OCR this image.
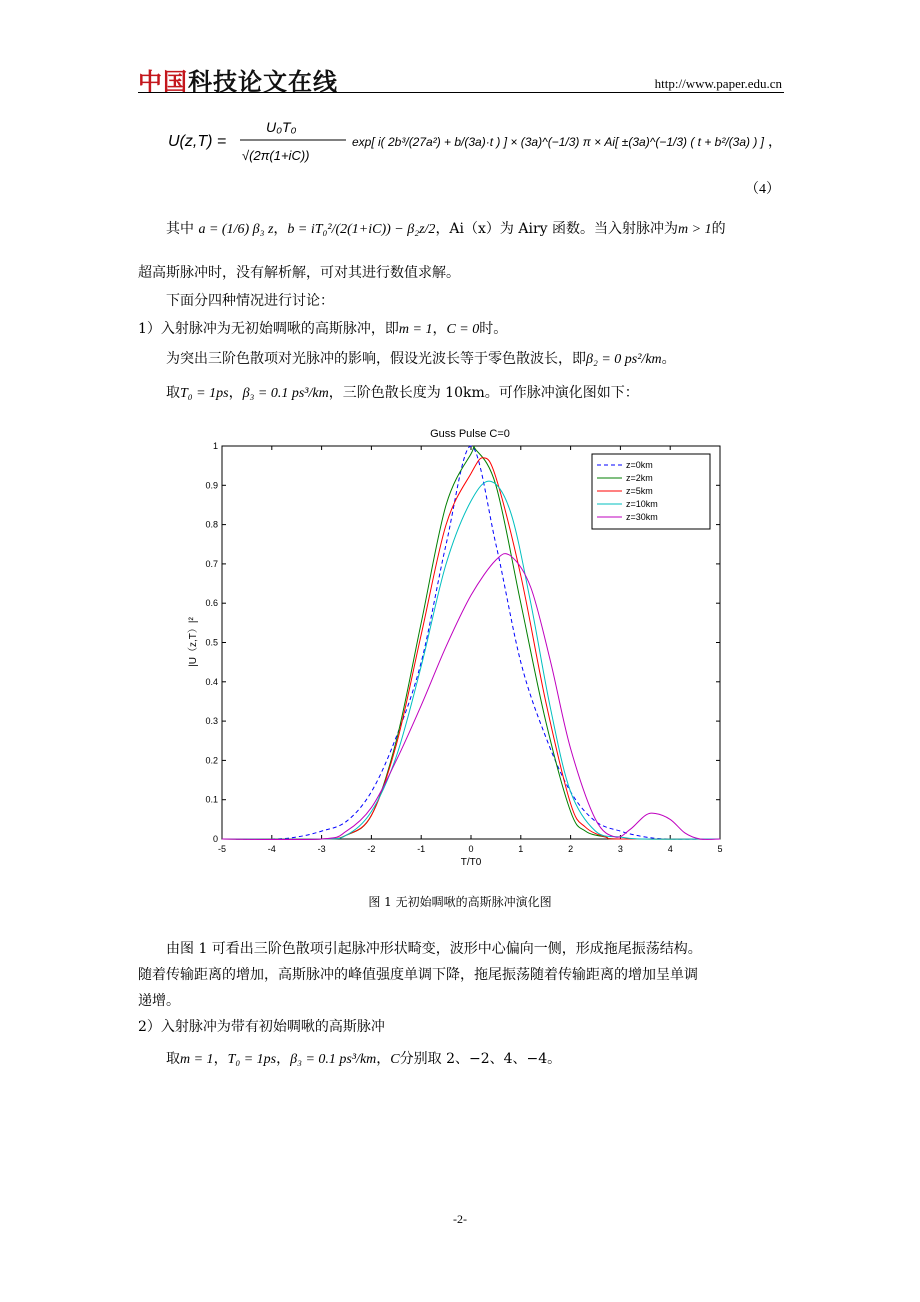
中国科技论文在线	http://www.paper.edu.cn
U(z,T) =
U₀T₀
√(2π(1+iC))
exp[ i( 2b³/(27a²) + b/(3a)·t ) ] × (3a)^(−1/3) π × Ai[ ±(3a)^(−1/3) ( t + b²/(3a) ) ] ，
（4）
其中 a = (1/6) β₃ z，b = iT₀²/(2(1+iC)) − β₂z/2，Ai（x）为 Airy 函数。当入射脉冲为m > 1的
超高斯脉冲时，没有解析解，可对其进行数值求解。
下面分四种情况进行讨论：
1）入射脉冲为无初始啁啾的高斯脉冲，即m = 1，C = 0时。
为突出三阶色散项对光脉冲的影响，假设光波长等于零色散波长，即β₂ = 0 ps²/km。
取T₀ = 1ps，β₃ = 0.1 ps³/km，三阶色散长度为 10km。可作脉冲演化图如下：
Guss Pulse C=0
-5	-4	-3	-2	-1	0	1	2	3	4	5
0
0.1
0.2
0.3
0.4
0.5
0.6
0.7
0.8
0.9
1
T/T0
|U（z,T）|²
z=0km
z=2km
z=5km
z=10km
z=30km
图 1 无初始啁啾的高斯脉冲演化图
由图 1 可看出三阶色散项引起脉冲形状畸变，波形中心偏向一侧，形成拖尾振荡结构。
随着传输距离的增加，高斯脉冲的峰值强度单调下降，拖尾振荡随着传输距离的增加呈单调
递增。
2）入射脉冲为带有初始啁啾的高斯脉冲
取m = 1，T₀ = 1ps，β₃ = 0.1 ps³/km，C分别取 2、−2、4、−4。
-2-
